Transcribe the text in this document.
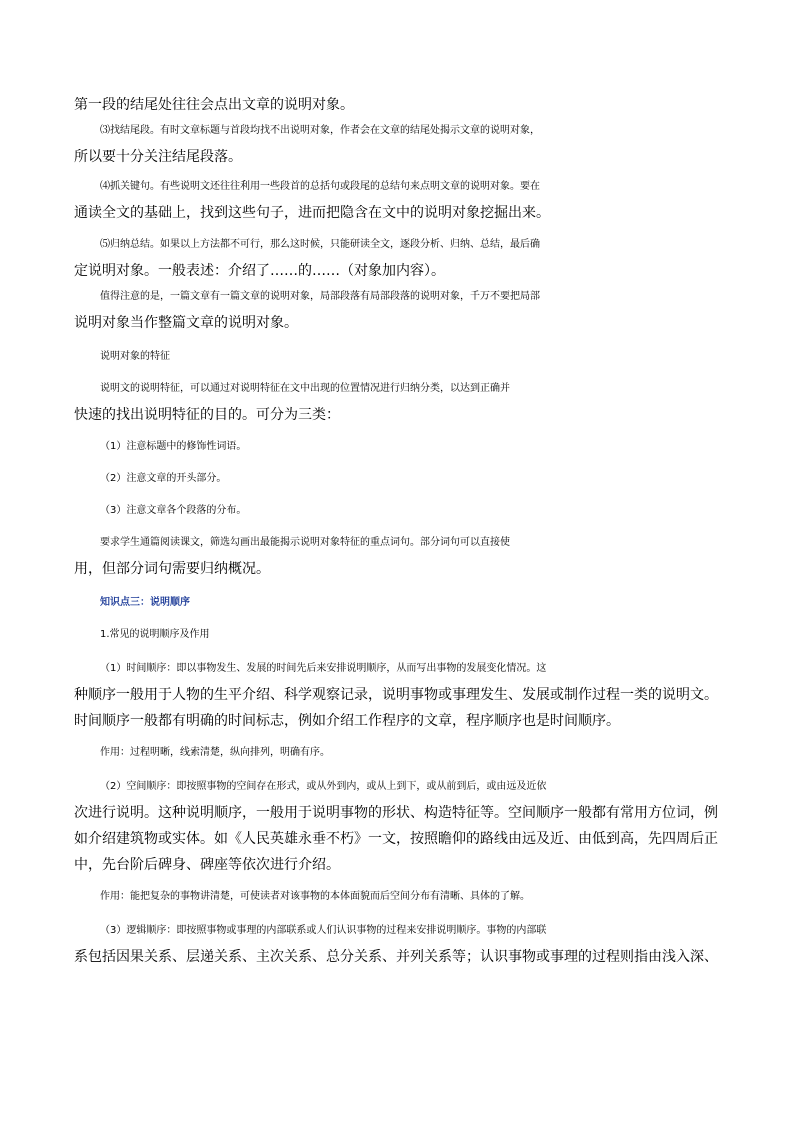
第一段的结尾处往往会点出文章的说明对象。

⑶找结尾段。有时文章标题与首段均找不出说明对象，作者会在文章的结尾处揭示文章的说明对象，

所以要十分关注结尾段落。

⑷抓关键句。有些说明文还往往利用一些段首的总括句或段尾的总结句来点明文章的说明对象。要在

通读全文的基础上，找到这些句子，进而把隐含在文中的说明对象挖掘出来。

⑸归纳总结。如果以上方法都不可行，那么这时候，只能研读全文，逐段分析、归纳、总结，最后确

定说明对象。一般表述：介绍了……的……（对象加内容）。

值得注意的是，一篇文章有一篇文章的说明对象，局部段落有局部段落的说明对象，千万不要把局部

说明对象当作整篇文章的说明对象。

说明对象的特征

说明文的说明特征，可以通过对说明特征在文中出现的位置情况进行归纳分类，以达到正确并

快速的找出说明特征的目的。可分为三类：

（1）注意标题中的修饰性词语。

（2）注意文章的开头部分。

（3）注意文章各个段落的分布。

要求学生通篇阅读课文，筛选勾画出最能揭示说明对象特征的重点词句。部分词句可以直接使

用，但部分词句需要归纳概况。

知识点三：说明顺序

1.常见的说明顺序及作用

（1）时间顺序：即以事物发生、发展的时间先后来安排说明顺序，从而写出事物的发展变化情况。这

种顺序一般用于人物的生平介绍、科学观察记录，说明事物或事理发生、发展或制作过程一类的说明文。

时间顺序一般都有明确的时间标志，例如介绍工作程序的文章，程序顺序也是时间顺序。

作用：过程明晰，线索清楚，纵向排列，明确有序。

（2）空间顺序：即按照事物的空间存在形式，或从外到内，或从上到下，或从前到后，或由远及近依

次进行说明。这种说明顺序，一般用于说明事物的形状、构造特征等。空间顺序一般都有常用方位词，例

如介绍建筑物或实体。如《人民英雄永垂不朽》一文，按照瞻仰的路线由远及近、由低到高，先四周后正

中，先台阶后碑身、碑座等依次进行介绍。

作用：能把复杂的事物讲清楚，可使读者对该事物的本体面貌而后空间分布有清晰、具体的了解。

（3）逻辑顺序：即按照事物或事理的内部联系或人们认识事物的过程来安排说明顺序。事物的内部联

系包括因果关系、层递关系、主次关系、总分关系、并列关系等；认识事物或事理的过程则指由浅入深、
